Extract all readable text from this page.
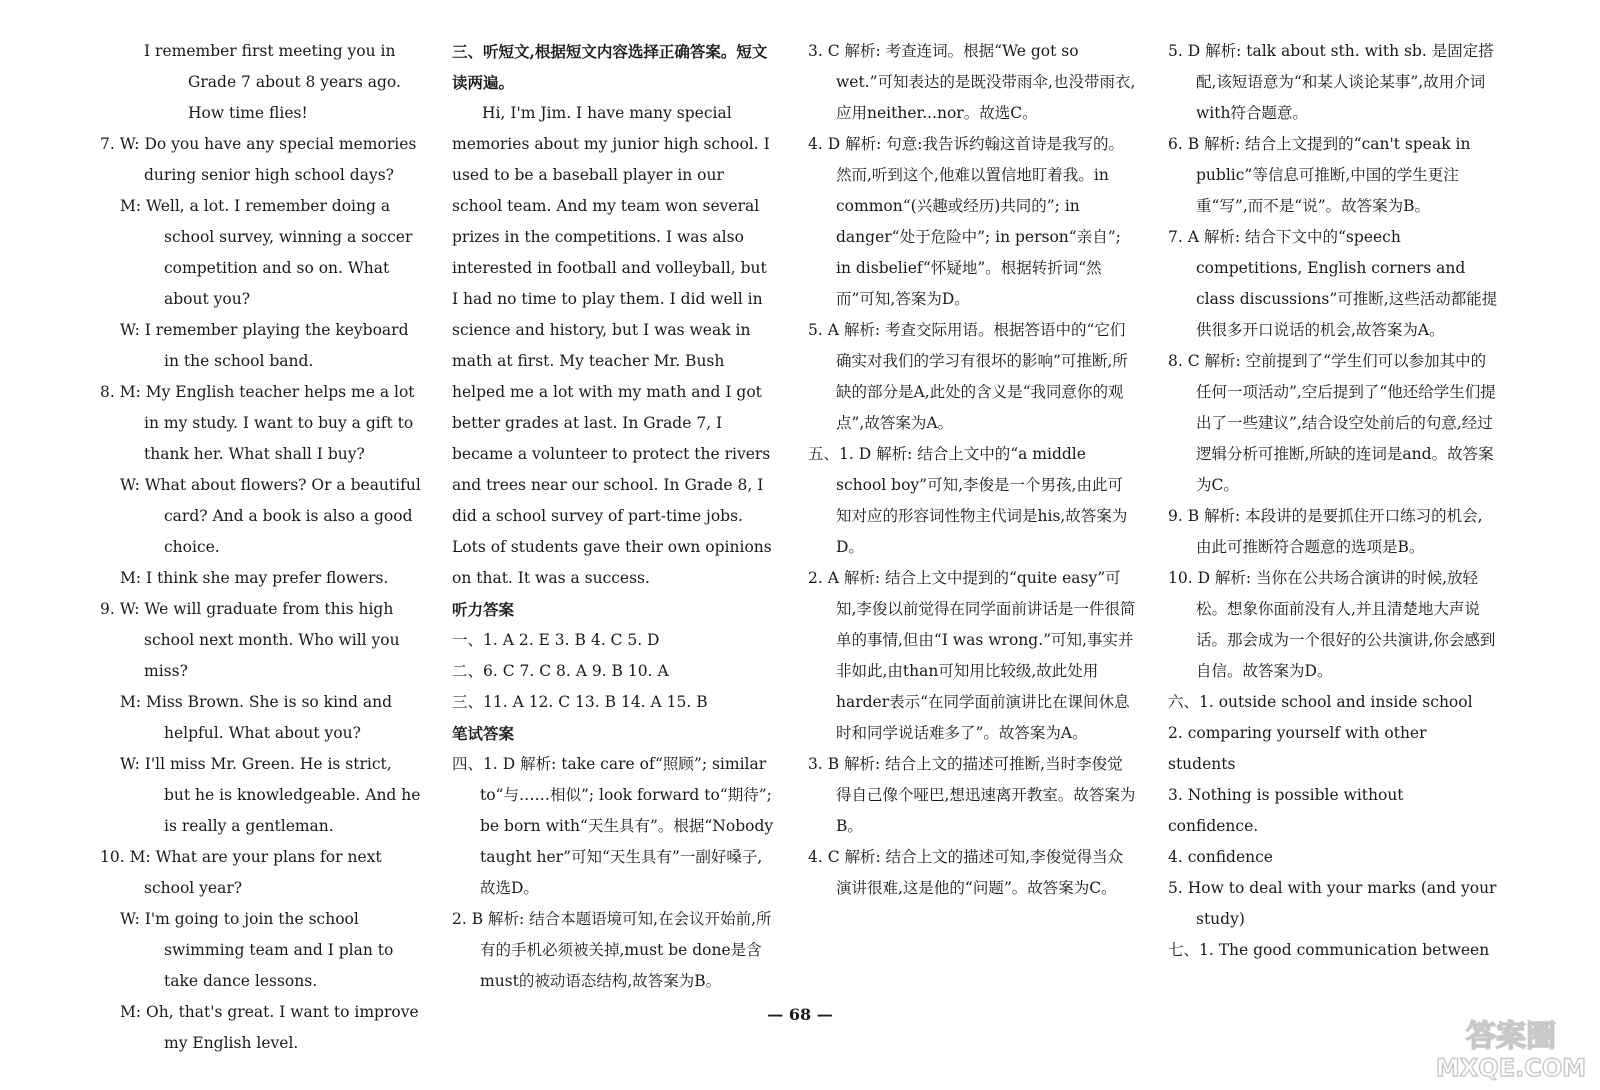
I remember first meeting you in Grade 7 about 8 years ago. How time flies!

7. W: Do you have any special memories during senior high school days?

M: Well, a lot. I remember doing a school survey, winning a soccer competition and so on. What about you?

W: I remember playing the keyboard in the school band.

8. M: My English teacher helps me a lot in my study. I want to buy a gift to thank her. What shall I buy?

W: What about flowers? Or a beautiful card? And a book is also a good choice.

M: I think she may prefer flowers.

9. W: We will graduate from this high school next month. Who will you miss?

M: Miss Brown. She is so kind and helpful. What about you?

W: I'll miss Mr. Green. He is strict, but he is knowledgeable. And he is really a gentleman.

10. M: What are your plans for next school year?

W: I'm going to join the school swimming team and I plan to take dance lessons.

M: Oh, that's great. I want to improve my English level.

三、听短文,根据短文内容选择正确答案。短文读两遍。

Hi, I'm Jim. I have many special memories about my junior high school. I used to be a baseball player in our school team. And my team won several prizes in the competitions. I was also interested in football and volleyball, but I had no time to play them. I did well in science and history, but I was weak in math at first. My teacher Mr. Bush helped me a lot with my math and I got better grades at last. In Grade 7, I became a volunteer to protect the rivers and trees near our school. In Grade 8, I did a school survey of part-time jobs. Lots of students gave their own opinions on that. It was a success.

听力答案

一、1. A 2. E 3. B 4. C 5. D

二、6. C 7. C 8. A 9. B 10. A

三、11. A 12. C 13. B 14. A 15. B

笔试答案

四、1. D 解析: take care of“照顾”; similar to“与……相似”; look forward to“期待”; be born with“天生具有”。根据“Nobody taught her”可知“天生具有”一副好嗓子,故选D。

2. B 解析: 结合本题语境可知,在会议开始前,所有的手机必须被关掉,must be done是含must的被动语态结构,故答案为B。

3. C 解析: 考查连词。根据“We got so wet.”可知表达的是既没带雨伞,也没带雨衣,应用neither...nor。故选C。

4. D 解析: 句意:我告诉约翰这首诗是我写的。然而,听到这个,他难以置信地盯着我。in common“(兴趣或经历)共同的”; in danger“处于危险中”; in person“亲自”; in disbelief“怀疑地”。根据转折词“然而”可知,答案为D。

5. A 解析: 考查交际用语。根据答语中的“它们确实对我们的学习有很坏的影响”可推断,所缺的部分是A,此处的含义是“我同意你的观点”,故答案为A。

五、1. D 解析: 结合上文中的“a middle school boy”可知,李俊是一个男孩,由此可知对应的形容词性物主代词是his,故答案为D。

2. A 解析: 结合上文中提到的“quite easy”可知,李俊以前觉得在同学面前讲话是一件很简单的事情,但由“I was wrong.”可知,事实并非如此,由than可知用比较级,故此处用harder表示“在同学面前演讲比在课间休息时和同学说话难多了”。故答案为A。

3. B 解析: 结合上文的描述可推断,当时李俊觉得自己像个哑巴,想迅速离开教室。故答案为B。

4. C 解析: 结合上文的描述可知,李俊觉得当众演讲很难,这是他的“问题”。故答案为C。

5. D 解析: talk about sth. with sb. 是固定搭配,该短语意为“和某人谈论某事”,故用介词with符合题意。

6. B 解析: 结合上文提到的“can't speak in public”等信息可推断,中国的学生更注重“写”,而不是“说”。故答案为B。

7. A 解析: 结合下文中的“speech competitions, English corners and class discussions”可推断,这些活动都能提供很多开口说话的机会,故答案为A。

8. C 解析: 空前提到了“学生们可以参加其中的任何一项活动”,空后提到了“他还给学生们提出了一些建议”,结合设空处前后的句意,经过逻辑分析可推断,所缺的连词是and。故答案为C。

9. B 解析: 本段讲的是要抓住开口练习的机会,由此可推断符合题意的选项是B。

10. D 解析: 当你在公共场合演讲的时候,放轻松。想象你面前没有人,并且清楚地大声说话。那会成为一个很好的公共演讲,你会感到自信。故答案为D。

六、1. outside school and inside school

2. comparing yourself with other students

3. Nothing is possible without confidence.

4. confidence

5. How to deal with your marks (and your study)

七、1. The good communication between

— 68 —
答案圈
MXQE.COM
